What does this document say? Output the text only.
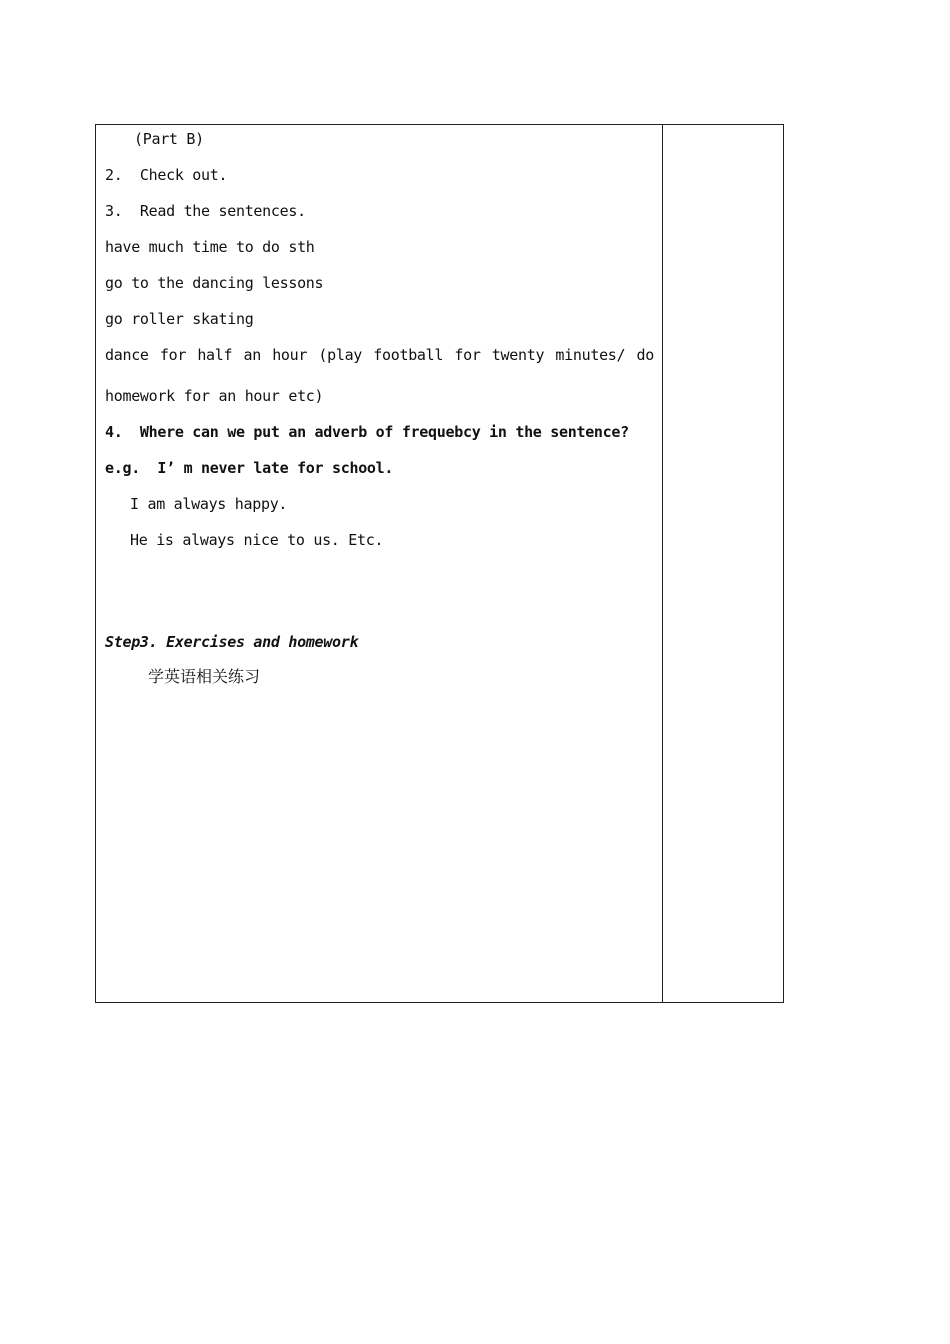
(Part B)
2.  Check out.
3.  Read the sentences.
have much time to do sth
go to the dancing lessons
go roller skating
dance for half an hour (play football for twenty minutes/ do
homework for an hour etc)
4.  Where can we put an adverb of frequebcy in the sentence?
e.g.  I’ m never late for school.
I am always happy.
He is always nice to us. Etc.
Step3. Exercises and homework
学英语相关练习
